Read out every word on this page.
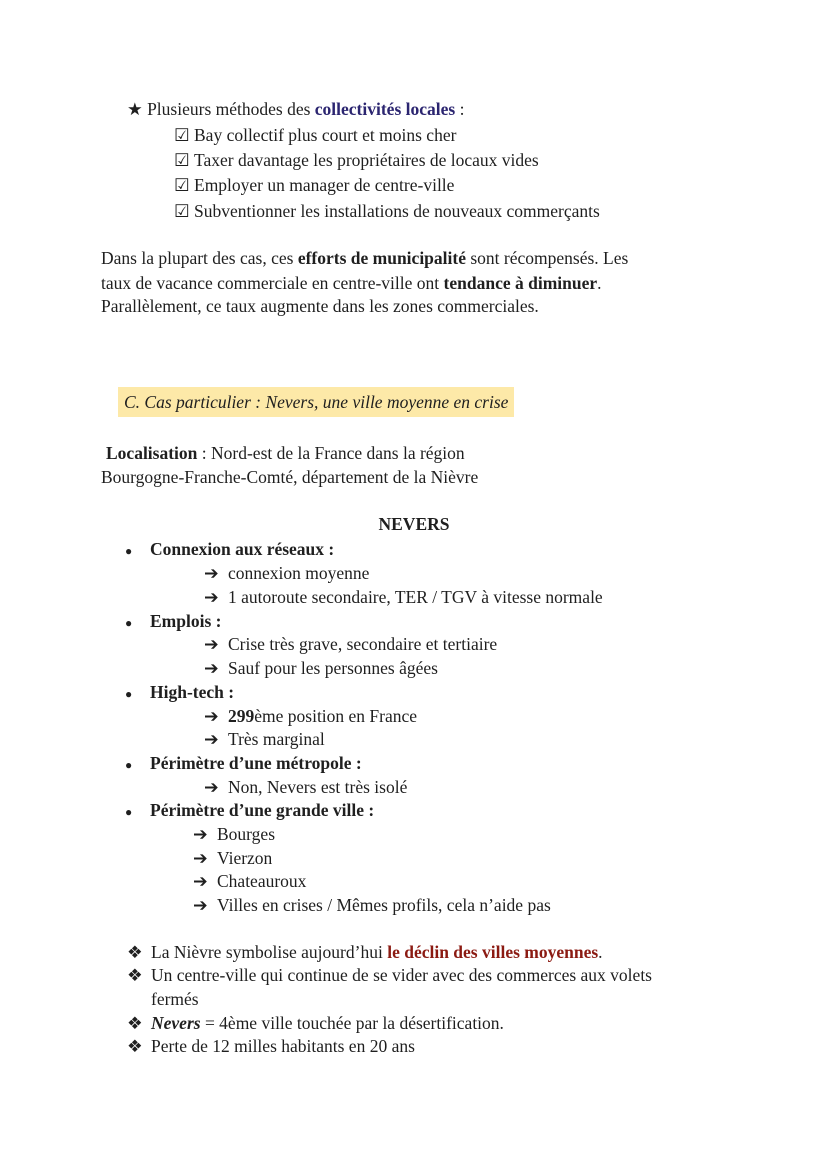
★ Plusieurs méthodes des collectivités locales :
☑ Bay collectif plus court et moins cher
☑ Taxer davantage les propriétaires de locaux vides
☑ Employer un manager de centre-ville
☑ Subventionner les installations de nouveaux commerçants
Dans la plupart des cas, ces efforts de municipalité sont récompensés. Les
taux de vacance commerciale en centre-ville ont tendance à diminuer.
Parallèlement, ce taux augmente dans les zones commerciales.
C. Cas particulier : Nevers, une ville moyenne en crise
Localisation : Nord-est de la France dans la région
Bourgogne-Franche-Comté, département de la Nièvre
NEVERS
● Connexion aux réseaux :
➔ connexion moyenne
➔ 1 autoroute secondaire, TER / TGV à vitesse normale
● Emplois :
➔ Crise très grave, secondaire et tertiaire
➔ Sauf pour les personnes âgées
● High-tech :
➔ 299ème position en France
➔ Très marginal
● Périmètre d’une métropole :
➔ Non, Nevers est très isolé
● Périmètre d’une grande ville :
➔ Bourges
➔ Vierzon
➔ Chateauroux
➔ Villes en crises / Mêmes profils, cela n’aide pas
❖ La Nièvre symbolise aujourd’hui le déclin des villes moyennes.
❖ Un centre-ville qui continue de se vider avec des commerces aux volets
fermés
❖ Nevers = 4ème ville touchée par la désertification.
❖ Perte de 12 milles habitants en 20 ans
